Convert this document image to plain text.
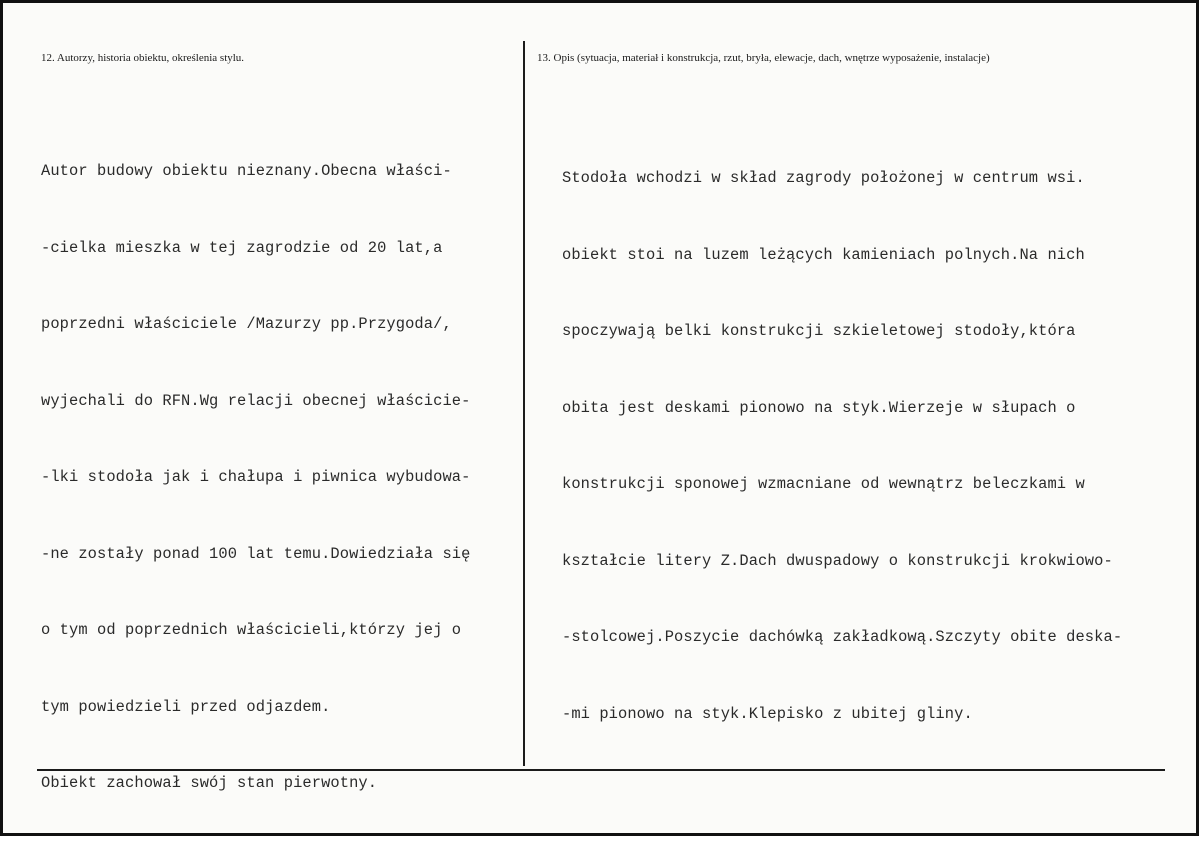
12. Autorzy, historia obiektu, określenia stylu.	13. Opis (sytuacja, materiał i konstrukcja, rzut, bryła, elewacje, dach, wnętrze wyposażenie, instalacje)

Autor budowy obiektu nieznany.Obecna właści-

-cielka mieszka w tej zagrodzie od 20 lat,a

poprzedni właściciele /Mazurzy pp.Przygoda/,

wyjechali do RFN.Wg relacji obecnej właścicie-

-lki stodoła jak i chałupa i piwnica wybudowa-

-ne zostały ponad 100 lat temu.Dowiedziała się

o tym od poprzednich właścicieli,którzy jej o

tym powiedzieli przed odjazdem.

Obiekt zachował swój stan pierwotny.

Stodoła wchodzi w skład zagrody położonej w centrum wsi.

obiekt stoi na luzem leżących kamieniach polnych.Na nich

spoczywają belki konstrukcji szkieletowej stodoły,która

obita jest deskami pionowo na styk.Wierzeje w słupach o

konstrukcji sponowej wzmacniane od wewnątrz beleczkami w

kształcie litery Z.Dach dwuspadowy o konstrukcji krokwiowo-

-stolcowej.Poszycie dachówką zakładkową.Szczyty obite deska-

-mi pionowo na styk.Klepisko z ubitej gliny.
